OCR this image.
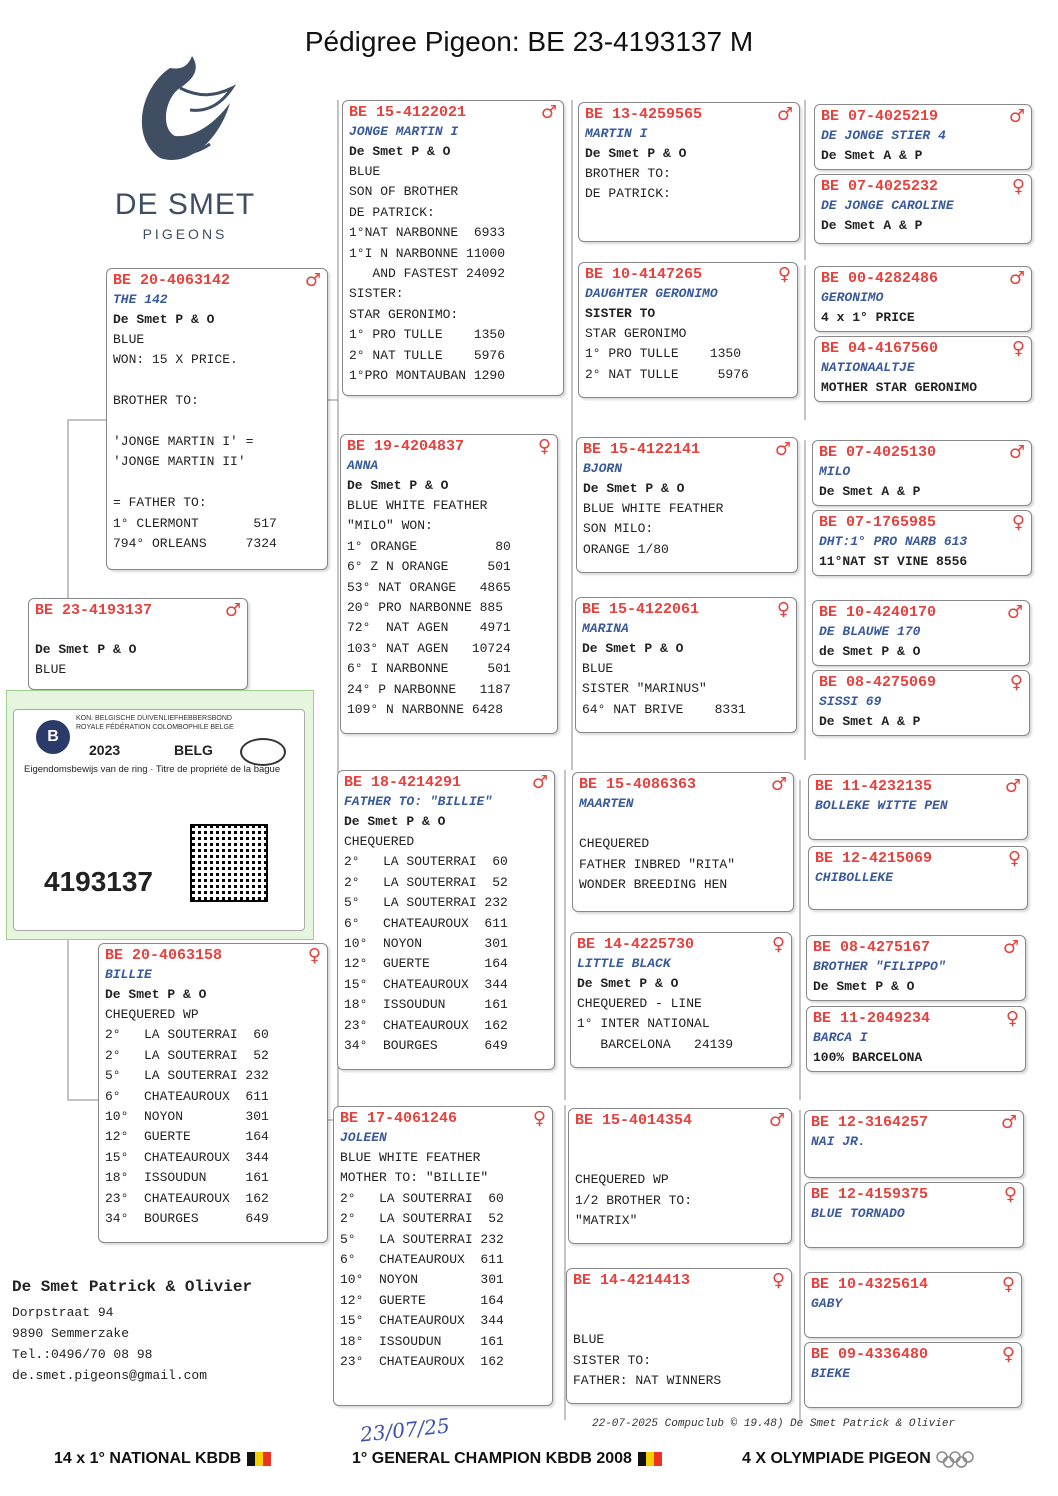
Pédigree Pigeon: BE 23-4193137 M
DE SMET
PIGEONS
BE 23-4193137	♂
De Smet P & O
BLUE
BE 20-4063142	♂
THE 142
De Smet P & O
BLUE
WON: 15 X PRICE.
BROTHER TO:
'JONGE MARTIN I' =
'JONGE MARTIN II'
= FATHER TO:
1° CLERMONT       517
794° ORLEANS     7324
BE 20-4063158	♀
BILLIE
De Smet P & O
CHEQUERED WP
2°   LA SOUTERRAI  60
2°   LA SOUTERRAI  52
5°   LA SOUTERRAI 232
6°   CHATEAUROUX  611
10°  NOYON        301
12°  GUERTE       164
15°  CHATEAUROUX  344
18°  ISSOUDUN     161
23°  CHATEAUROUX  162
34°  BOURGES      649
BE 15-4122021	♂
JONGE MARTIN I
De Smet P & O
BLUE
SON OF BROTHER
DE PATRICK:
1°NAT NARBONNE  6933
1°I N NARBONNE 11000
AND FASTEST 24092
SISTER:
STAR GERONIMO:
1° PRO TULLE    1350
2° NAT TULLE    5976
1°PRO MONTAUBAN 1290
BE 19-4204837	♀
ANNA
De Smet P & O
BLUE WHITE FEATHER
"MILO" WON:
1° ORANGE          80
6° Z N ORANGE     501
53° NAT ORANGE   4865
20° PRO NARBONNE 885
72°  NAT AGEN    4971
103° NAT AGEN   10724
6° I NARBONNE     501
24° P NARBONNE   1187
109° N NARBONNE 6428
BE 18-4214291	♂
FATHER TO: "BILLIE"
De Smet P & O
CHEQUERED
2°   LA SOUTERRAI  60
2°   LA SOUTERRAI  52
5°   LA SOUTERRAI 232
6°   CHATEAUROUX  611
10°  NOYON        301
12°  GUERTE       164
15°  CHATEAUROUX  344
18°  ISSOUDUN     161
23°  CHATEAUROUX  162
34°  BOURGES      649
BE 17-4061246	♀
JOLEEN
BLUE WHITE FEATHER
MOTHER TO: "BILLIE"
2°   LA SOUTERRAI  60
2°   LA SOUTERRAI  52
5°   LA SOUTERRAI 232
6°   CHATEAUROUX  611
10°  NOYON        301
12°  GUERTE       164
15°  CHATEAUROUX  344
18°  ISSOUDUN     161
23°  CHATEAUROUX  162
BE 13-4259565	♂
MARTIN I
De Smet P & O
BROTHER TO:
DE PATRICK:
BE 10-4147265	♀
DAUGHTER GERONIMO
SISTER TO
STAR GERONIMO
1° PRO TULLE    1350
2° NAT TULLE     5976
BE 15-4122141	♂
BJORN
De Smet P & O
BLUE WHITE FEATHER
SON MILO:
ORANGE 1/80
BE 15-4122061	♀
MARINA
De Smet P & O
BLUE
SISTER "MARINUS"
64° NAT BRIVE    8331
BE 15-4086363	♂
MAARTEN
CHEQUERED
FATHER INBRED "RITA"
WONDER BREEDING HEN
BE 14-4225730	♀
LITTLE BLACK
De Smet P & O
CHEQUERED - LINE
1° INTER NATIONAL
BARCELONA   24139
BE 15-4014354	♂
CHEQUERED WP
1/2 BROTHER TO:
"MATRIX"
BE 14-4214413	♀
BLUE
SISTER TO:
FATHER: NAT WINNERS
BE 07-4025219	♂
DE JONGE STIER 4
De Smet A & P
BE 07-4025232	♀
DE JONGE CAROLINE
De Smet A & P
BE 00-4282486	♂
GERONIMO
4 x 1° PRICE
BE 04-4167560	♀
NATIONAALTJE
MOTHER STAR GERONIMO
BE 07-4025130	♂
MILO
De Smet A & P
BE 07-1765985	♀
DHT:1° PRO NARB 613
11°NAT ST VINE 8556
BE 10-4240170	♂
DE BLAUWE 170
de Smet P & O
BE 08-4275069	♀
SISSI 69
De Smet A & P
BE 11-4232135	♂
BOLLEKE WITTE PEN
BE 12-4215069	♀
CHIBOLLEKE
BE 08-4275167	♂
BROTHER "FILIPPO"
De Smet P & O
BE 11-2049234	♀
BARCA I
100% BARCELONA
BE 12-3164257	♂
NAI JR.
BE 12-4159375	♀
BLUE TORNADO
BE 10-4325614	♀
GABY
BE 09-4336480	♀
BIEKE
B
KON. BELGISCHE DUIVENLIEFHEBBERSBOND
ROYALE FÉDÉRATION COLOMBOPHILE BELGE
2023	BELG
Eigendomsbewijs van de ring · Titre de propriété de la bague
4193137
De Smet Patrick & Olivier
Dorpstraat 94
9890 Semmerzake
Tel.:0496/70 08 98
de.smet.pigeons@gmail.com
23/07/25	22-07-2025 Compuclub © 19.48) De Smet Patrick & Olivier
14 x 1° NATIONAL KBDB	1° GENERAL CHAMPION KBDB 2008	4 X OLYMPIADE PIGEON
